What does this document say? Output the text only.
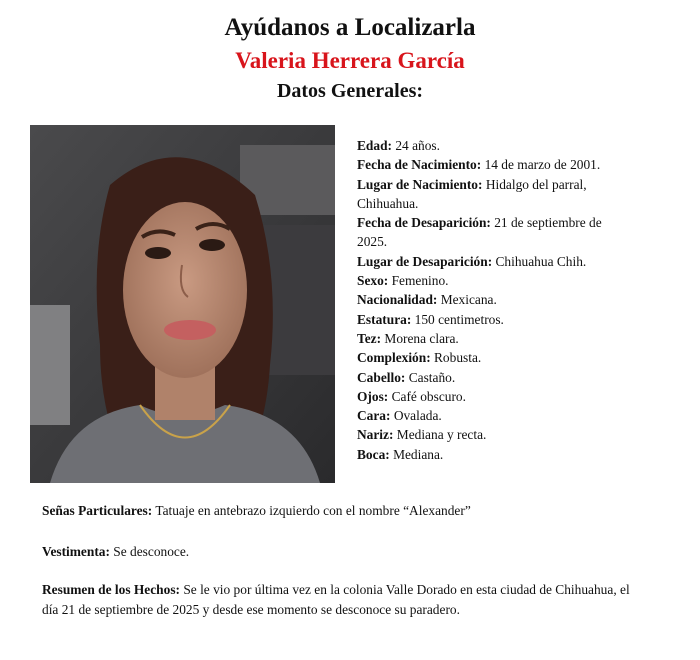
Ayúdanos a Localizarla
Valeria Herrera García
Datos Generales:

Edad: 24 años.

Fecha de Nacimiento: 14 de marzo de 2001.

Lugar de Nacimiento: Hidalgo del parral, Chihuahua.

Fecha de Desaparición: 21 de septiembre de 2025.

Lugar de Desaparición: Chihuahua Chih.

Sexo: Femenino.

Nacionalidad: Mexicana.

Estatura: 150 centimetros.

Tez: Morena clara.

Complexión: Robusta.

Cabello: Castaño.

Ojos: Café obscuro.

Cara: Ovalada.

Nariz: Mediana y recta.

Boca: Mediana.

Señas Particulares: Tatuaje en antebrazo izquierdo con el nombre “Alexander”
Vestimenta: Se desconoce.
Resumen de los Hechos: Se le vio por última vez en la colonia Valle Dorado en esta ciudad de Chihuahua, el día 21 de septiembre de 2025 y desde ese momento se desconoce su paradero.
